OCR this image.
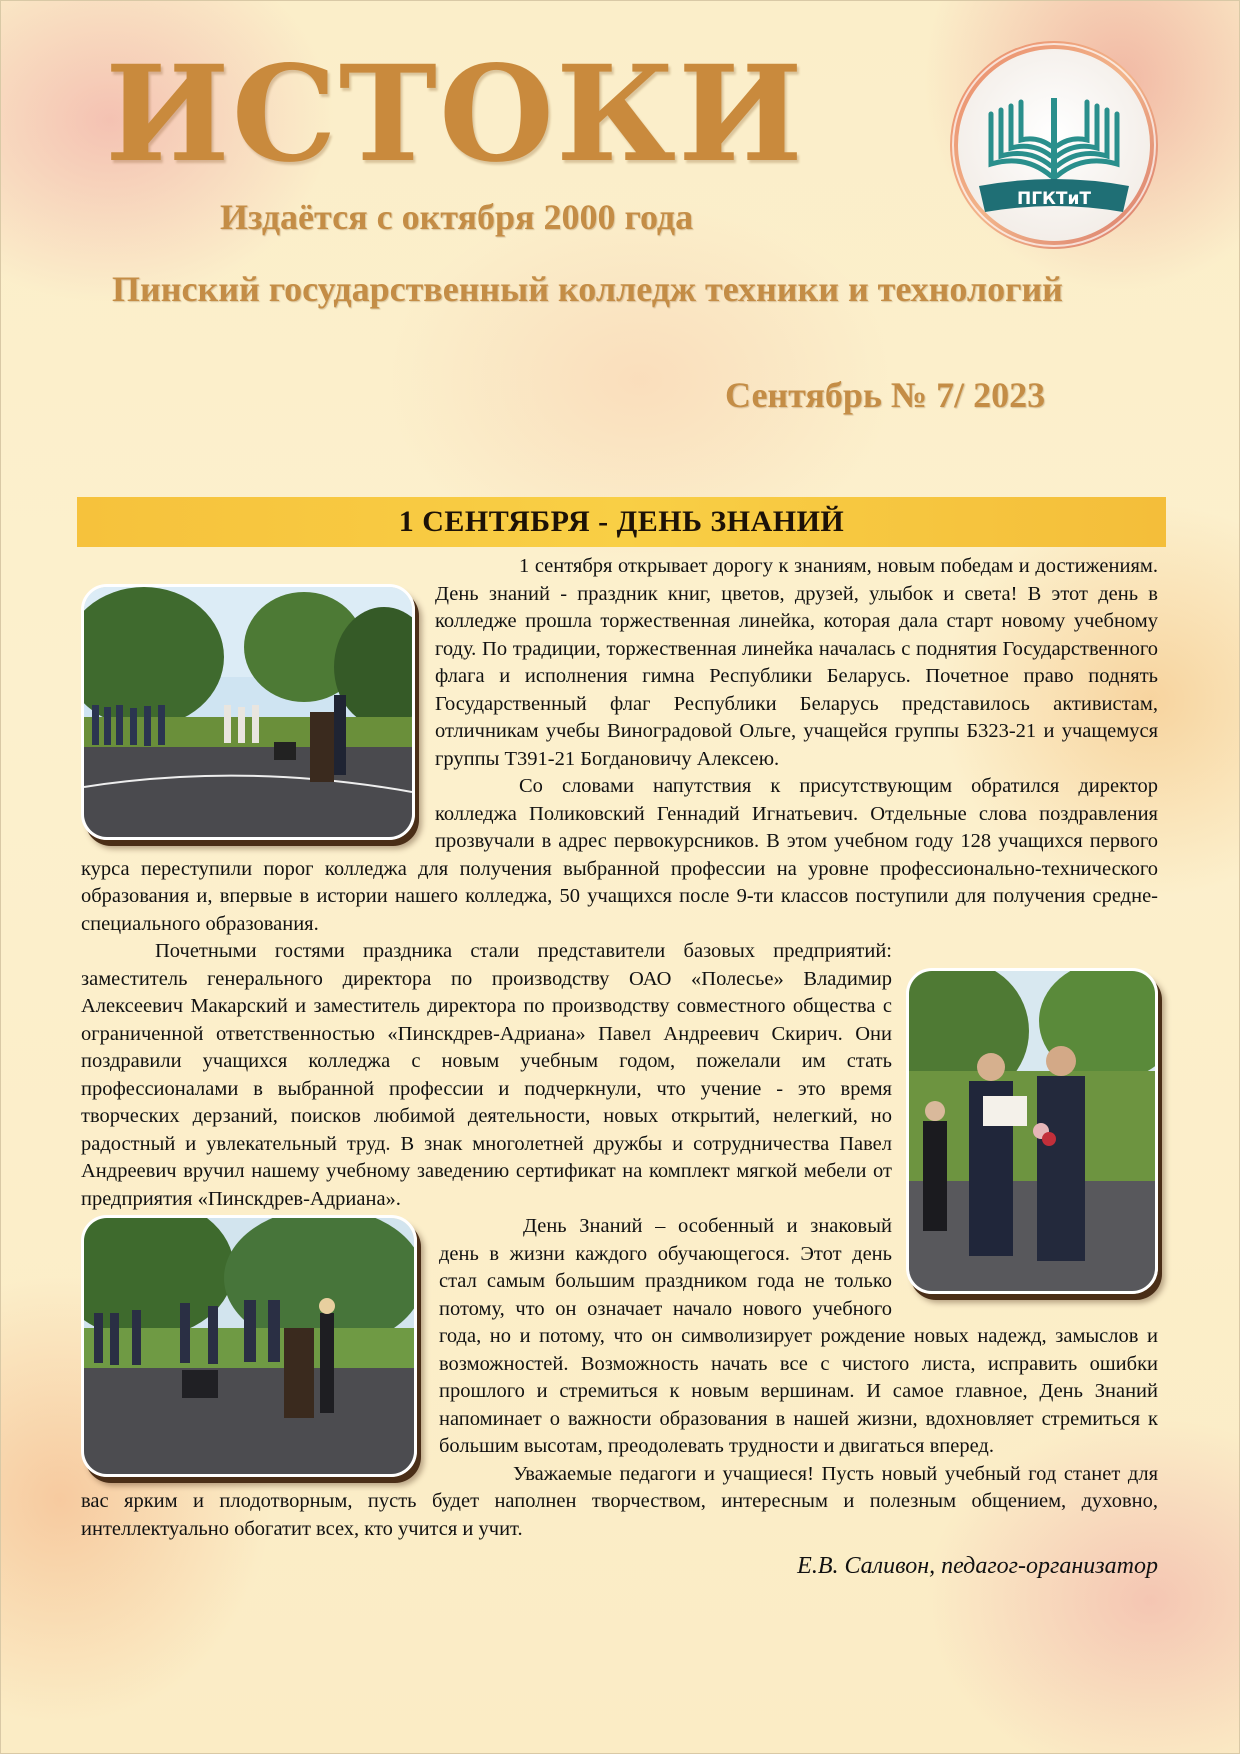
ИСТОКИ
Издаётся с октября 2000 года
Пинский государственный колледж техники и технологий
Сентябрь № 7/ 2023
ПГКТиТ
1 СЕНТЯБРЯ - ДЕНЬ ЗНАНИЙ

1 сентября открывает дорогу к знаниям, новым победам и достижениям. День знаний - праздник книг, цветов, друзей, улыбок и света! В этот день в колледже прошла торжественная линейка, которая дала старт новому учебному году. По традиции, торжественная линейка началась с поднятия Государственного флага и исполнения гимна Республики Беларусь. Почетное право поднять Государственный флаг Республики Беларусь представилось активистам, отличникам учебы Виноградовой Ольге, учащейся группы Б323-21 и учащемуся группы Т391-21 Богдановичу Алексею.

Со словами напутствия к присутствующим обратился директор колледжа Поликовский Геннадий Игнатьевич. Отдельные слова поздравления прозвучали в адрес первокурсников. В этом учебном году 128 учащихся первого курса переступили порог колледжа для получения выбранной профессии на уровне профессионально-технического образования и, впервые в истории нашего колледжа, 50 учащихся после 9-ти классов поступили для получения средне-специального образования.

Почетными гостями праздника стали представители базовых предприятий: заместитель генерального директора по производству ОАО «Полесье» Владимир Алексеевич Макарский и заместитель директора по производству совместного общества с ограниченной ответственностью «Пинскдрев-Адриана» Павел Андреевич Скирич. Они поздравили учащихся колледжа с новым учебным годом, пожелали им стать профессионалами в выбранной профессии и подчеркнули, что учение - это время творческих дерзаний, поисков любимой деятельности, новых открытий, нелегкий, но радостный и увлекательный труд. В знак многолетней дружбы и сотрудничества Павел Андреевич вручил нашему учебному заведению сертификат на комплект мягкой мебели от предприятия «Пинскдрев-Адриана».

День Знаний – особенный и знаковый день в жизни каждого обучающегося. Этот день стал самым большим праздником года не только потому, что он означает начало нового учебного года, но и потому, что он символизирует рождение новых надежд, замыслов и возможностей. Возможность начать все с чистого листа, исправить ошибки прошлого и стремиться к новым вершинам. И самое главное, День Знаний напоминает о важности образования в нашей жизни, вдохновляет стремиться к большим высотам, преодолевать трудности и двигаться вперед.

Уважаемые педагоги и учащиеся! Пусть новый учебный год станет для вас ярким и плодотворным, пусть будет наполнен творчеством, интересным и полезным общением, духовно, интеллектуально обогатит всех, кто учится и учит.

Е.В. Саливон, педагог-организатор
